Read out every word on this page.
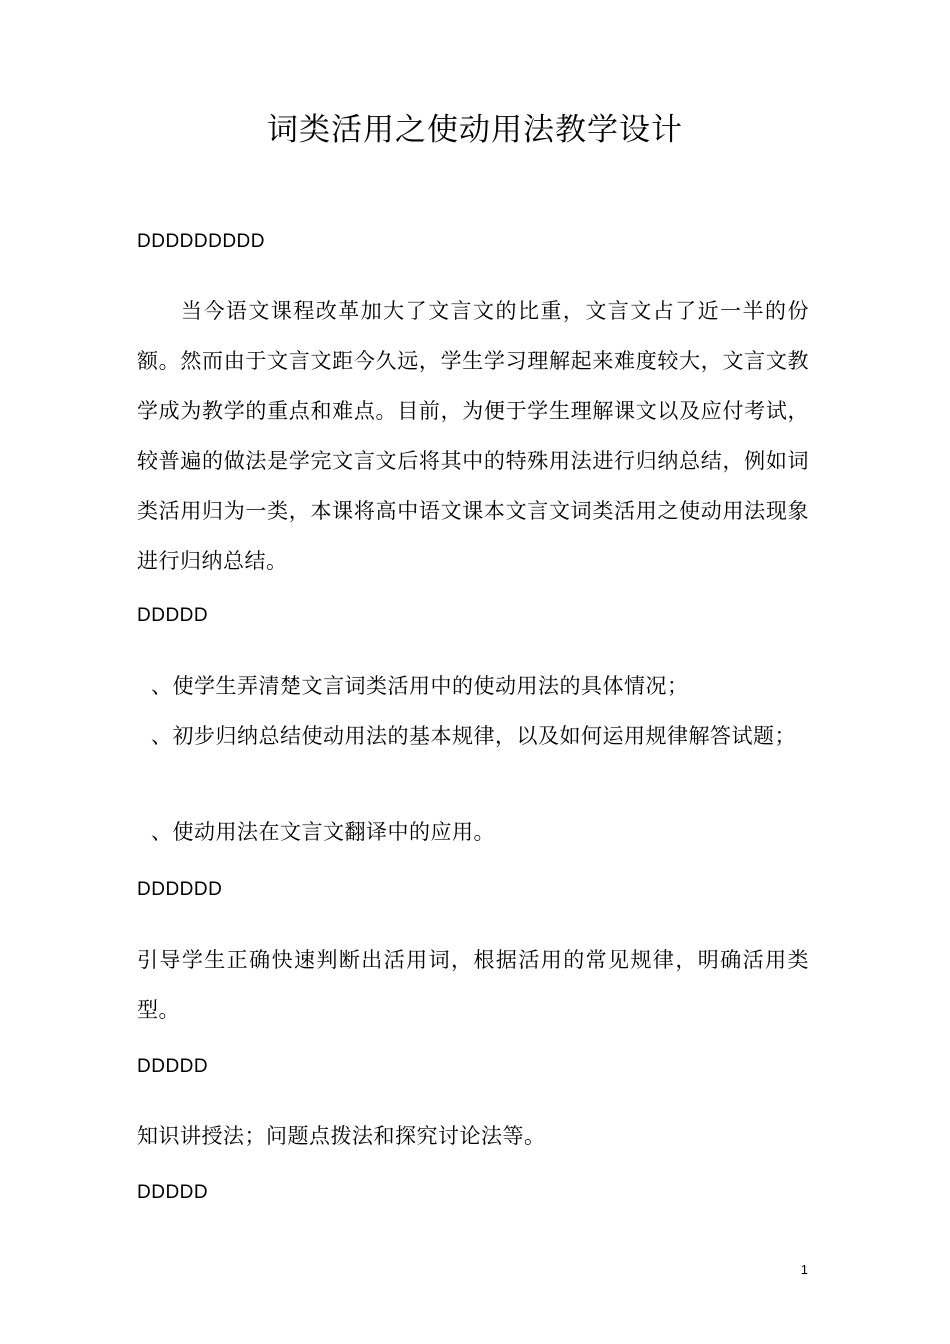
词类活用之使动用法教学设计
DDDDDDDDD
当今语文课程改革加大了文言文的比重，文言文占了近一半的份额。然而由于文言文距今久远，学生学习理解起来难度较大，文言文教学成为教学的重点和难点。目前，为便于学生理解课文以及应付考试，较普遍的做法是学完文言文后将其中的特殊用法进行归纳总结，例如词类活用归为一类，本课将高中语文课本文言文词类活用之使动用法现象进行归纳总结。
DDDDD
、使学生弄清楚文言词类活用中的使动用法的具体情况；
、初步归纳总结使动用法的基本规律，以及如何运用规律解答试题；
、使动用法在文言文翻译中的应用。
DDDDDD
引导学生正确快速判断出活用词，根据活用的常见规律，明确活用类型。
DDDDD
知识讲授法；问题点拨法和探究讨论法等。
DDDDD
1
